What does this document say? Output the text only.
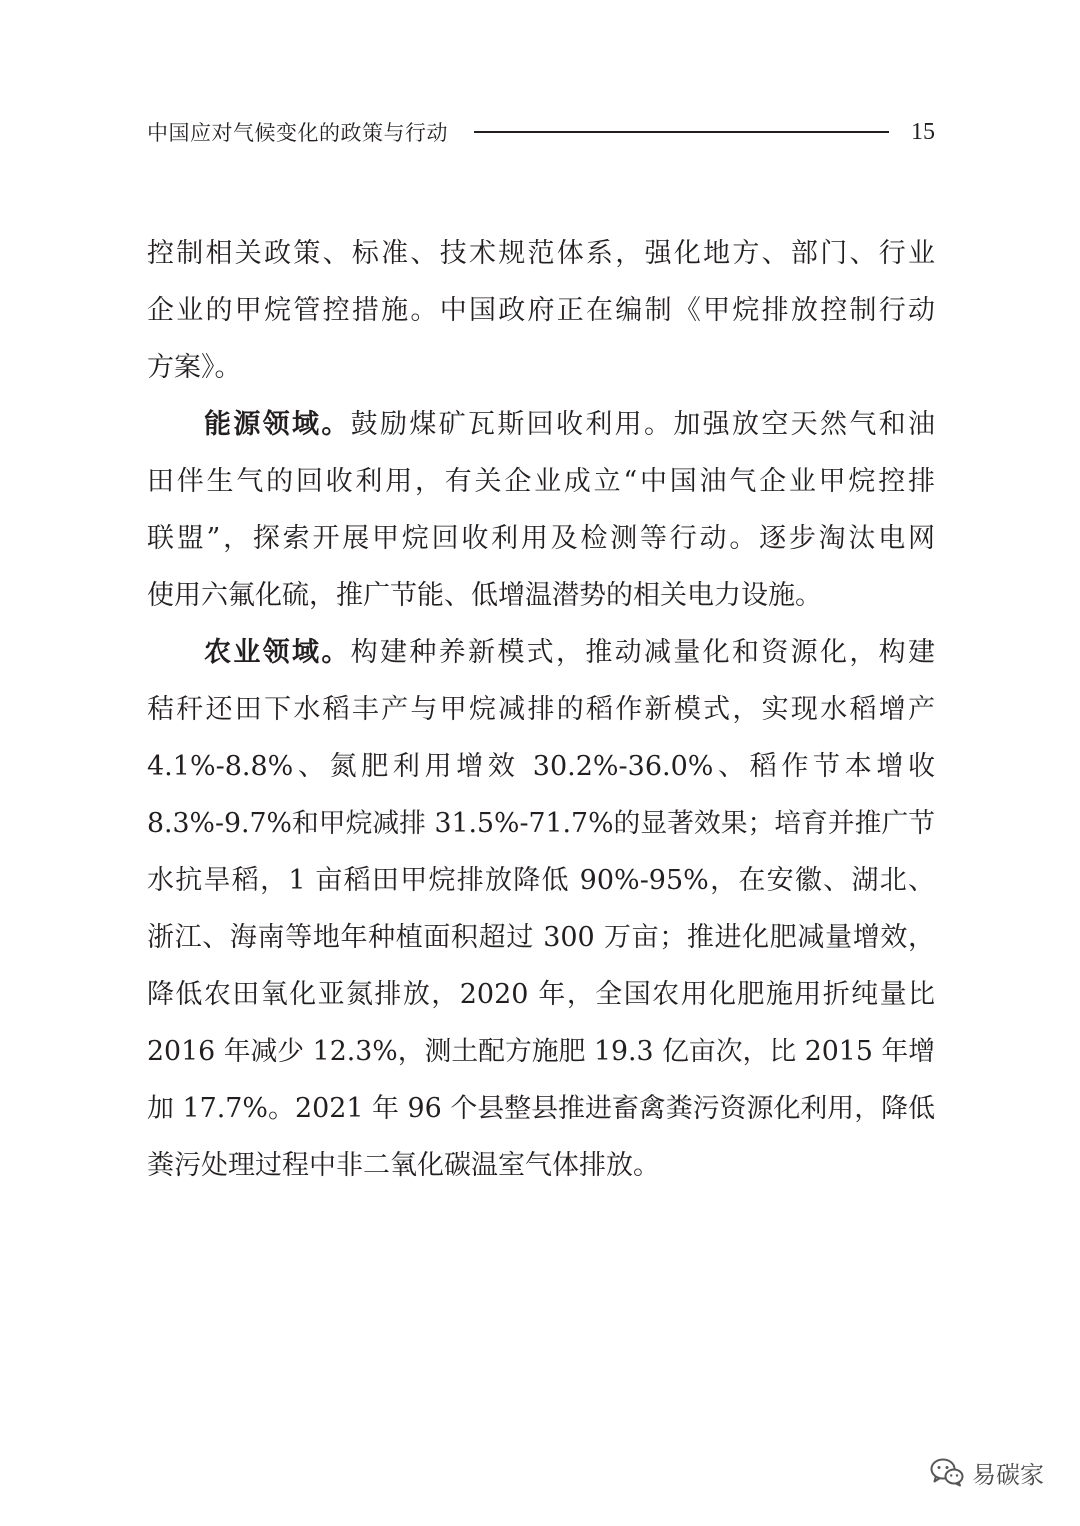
中国应对气候变化的政策与行动	15
控制相关政策、标准、技术规范体系，强化地方、部门、行业
企业的甲烷管控措施。中国政府正在编制《甲烷排放控制行动
方案》。
能源领域。鼓励煤矿瓦斯回收利用。加强放空天然气和油
田伴生气的回收利用，有关企业成立“中国油气企业甲烷控排
联盟”，探索开展甲烷回收利用及检测等行动。逐步淘汰电网
使用六氟化硫，推广节能、低增温潜势的相关电力设施。
农业领域。构建种养新模式，推动减量化和资源化，构建
秸秆还田下水稻丰产与甲烷减排的稻作新模式，实现水稻增产
4.1%-8.8%、氮肥利用增效 30.2%-36.0%、稻作节本增收
8.3%-9.7%和甲烷减排 31.5%-71.7%的显著效果；培育并推广节
水抗旱稻，1 亩稻田甲烷排放降低 90%-95%，在安徽、湖北、
浙江、海南等地年种植面积超过 300 万亩；推进化肥减量增效，
降低农田氧化亚氮排放，2020 年，全国农用化肥施用折纯量比
2016 年减少 12.3%，测土配方施肥 19.3 亿亩次，比 2015 年增
加 17.7%。2021 年 96 个县整县推进畜禽粪污资源化利用，降低
粪污处理过程中非二氧化碳温室气体排放。
易碳家
